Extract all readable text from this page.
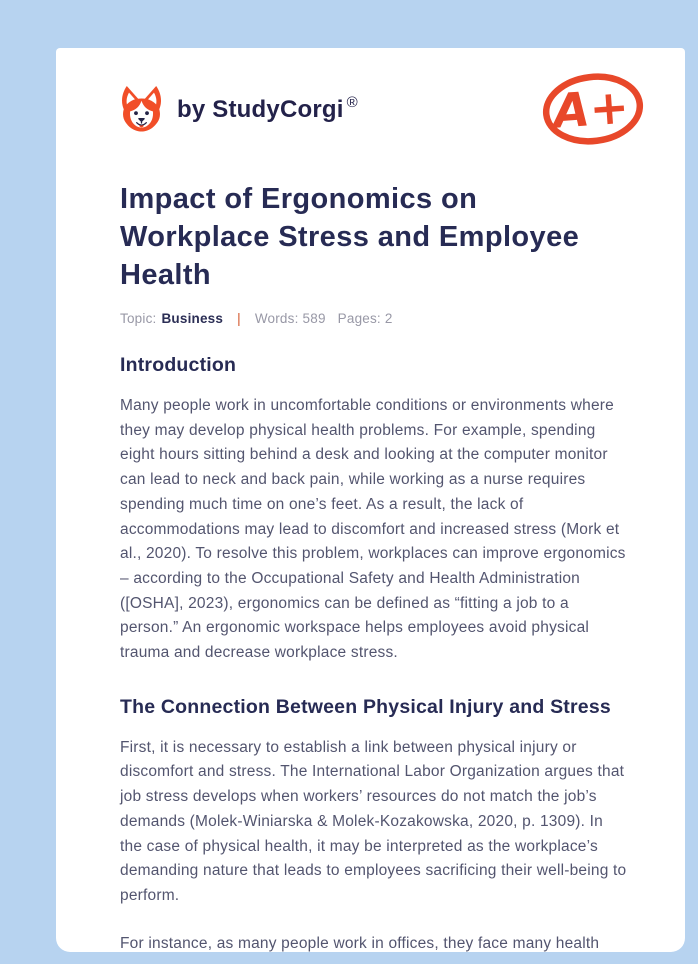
by StudyCorgi ®	A+
Impact of Ergonomics on
Workplace Stress and Employee
Health
Topic: Business | Words: 589 Pages: 2
Introduction

Many people work in uncomfortable conditions or environments where they may develop physical health problems. For example, spending eight hours sitting behind a desk and looking at the computer monitor can lead to neck and back pain, while working as a nurse requires spending much time on one’s feet. As a result, the lack of accommodations may lead to discomfort and increased stress (Mork et al., 2020). To resolve this problem, workplaces can improve ergonomics – according to the Occupational Safety and Health Administration ([OSHA], 2023), ergonomics can be defined as “fitting a job to a person.” An ergonomic workspace helps employees avoid physical trauma and decrease workplace stress.

The Connection Between Physical Injury and Stress

First, it is necessary to establish a link between physical injury or discomfort and stress. The International Labor Organization argues that job stress develops when workers’ resources do not match the job’s demands (Molek-Winiarska & Molek-Kozakowska, 2020, p. 1309). In the case of physical health, it may be interpreted as the workplace’s demanding nature that leads to employees sacrificing their well-being to perform.

For instance, as many people work in offices, they face many health
